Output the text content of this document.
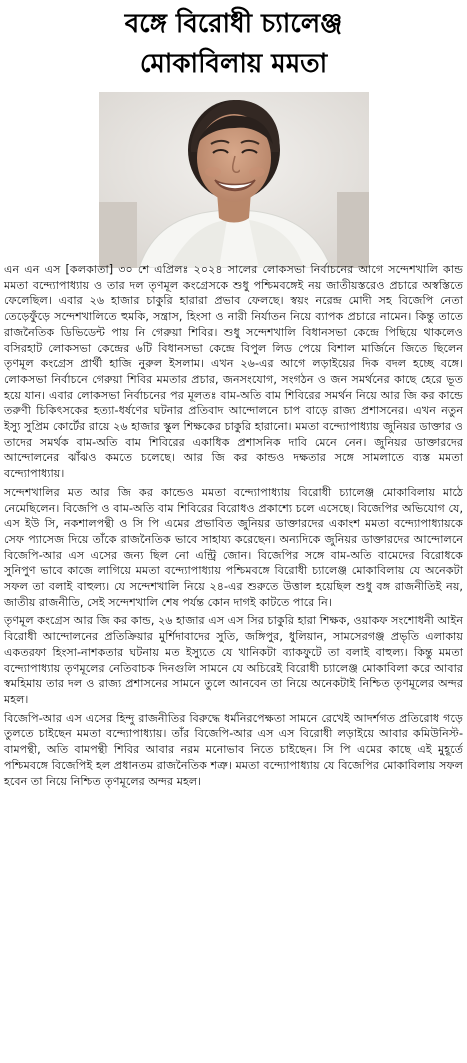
বঙ্গে বিরোধী চ্যালেঞ্জ
মোকাবিলায় মমতা

এন এন এস [কলকাতা] ৩০ শে এপ্রিলঃ ২০২৪ সালের লোকসভা নির্বাচনের আগে সন্দেশখালি কান্ড মমতা বন্দ্যোপাধ্যায় ও তার দল তৃণমূল কংগ্রেসকে শুধু পশ্চিমবঙ্গেই নয় জাতীয়স্তরেও প্রচারে অস্বস্তিতে ফেলেছিল। এবার ২৬ হাজার চাকুরি হারারা প্রভাব ফেলছে। স্বয়ং নরেন্দ্র মোদী সহ বিজেপি নেতা তেড়েফুঁড়ে সন্দেশখালিতে হুমকি, সন্ত্রাস, হিংসা ও নারী নির্যাতন নিয়ে ব্যাপক প্রচারে নামেন। কিন্তু তাতে রাজনৈতিক ডিভিডেন্ট পায় নি গেরুয়া শিবির। শুধু সন্দেশখালি বিধানসভা কেন্দ্রে পিছিয়ে থাকলেও বসিরহাট লোকসভা কেন্দ্রের ৬টি বিধানসভা কেন্দ্রে বিপুল লিড পেয়ে বিশাল মার্জিনে জিতে ছিলেন তৃণমূল কংগ্রেস প্রার্থী হাজি নুরুল ইসলাম। এখন ২৬-এর আগে লড়াইয়ের দিক বদল হচ্ছে বঙ্গে। লোকসভা নির্বাচনে গেরুয়া শিবির মমতার প্রচার, জনসংযোগ, সংগঠন ও জন সমর্থনের কাছে হেরে ভূত হয়ে যান। এবার লোকসভা নির্বাচনের পর মূলতঃ বাম-অতি বাম শিবিরের সমর্থন নিয়ে আর জি কর কান্ডে তরুণী চিকিৎসকের হত্যা-ধর্ষণের ঘটনার প্রতিবাদ আন্দোলনে চাপ বাড়ে রাজ্য প্রশাসনের। এখন নতুন ইস্যু সুপ্রিম কোর্টের রায়ে ২৬ হাজার স্কুল শিক্ষকের চাকুরি হারানো। মমতা বন্দ্যোপাধ্যায় জুনিয়র ডাক্তার ও তাদের সমর্থক বাম-অতি বাম শিবিরের একাধিক প্রশাসনিক দাবি মেনে নেন। জুনিয়র ডাক্তারদের আন্দোলনের ঝাঁঝও কমতে চলেছে। আর জি কর কান্ডও দক্ষতার সঙ্গে সামলাতে ব্যস্ত মমতা বন্দ্যোপাধ্যায়।

সন্দেশখালির মত আর জি কর কান্ডেও মমতা বন্দ্যোপাধ্যায় বিরোধী চ্যালেঞ্জ মোকাবিলায় মাঠে নেমেছিলেন। বিজেপি ও বাম-অতি বাম শিবিরের বিরোধও প্রকাশ্যে চলে এসেছে। বিজেপির অভিযোগ যে, এস ইউ সি, নকশালপন্থী ও সি পি এমের প্রভাবিত জুনিয়র ডাক্তারদের একাংশ মমতা বন্দ্যোপাধ্যায়কে সেফ প্যাসেজ দিয়ে তাঁকে রাজনৈতিক ভাবে সাহায্য করেছেন। অন্যদিকে জুনিয়র ডাক্তারদের আন্দোলনে বিজেপি-আর এস এসের জন্য ছিল নো এন্ট্রি জোন। বিজেপির সঙ্গে বাম-অতি বামেদের বিরোধকে সুনিপুণ ভাবে কাজে লাগিয়ে মমতা বন্দ্যোপাধ্যায় পশ্চিমবঙ্গে বিরোধী চ্যালেঞ্জ মোকাবিলায় যে অনেকটা সফল তা বলাই বাহুল্য। যে সন্দেশখালি নিয়ে ২৪-এর শুরুতে উত্তাল হয়েছিল শুধু বঙ্গ রাজনীতিই নয়, জাতীয় রাজনীতি, সেই সন্দেশখালি শেষ পর্যন্ত কোন দাগই কাটতে পারে নি।

তৃণমূল কংগ্রেস আর জি কর কান্ড, ২৬ হাজার এস এস সির চাকুরি হারা শিক্ষক, ওয়াকফ সংশোধনী আইন বিরোধী আন্দোলনের প্রতিক্রিয়ার মুর্শিদাবাদের সুতি, জঙ্গিপুর, ধুলিয়ান, সামসেরগঞ্জ প্রভৃতি এলাকায় একতরফা হিংসা-নাশকতার ঘটনায় মত ইস্যুতে যে খানিকটা ব্যাকফুটে তা বলাই বাহুল্য। কিন্তু মমতা বন্দ্যোপাধ্যায় তৃণমূলের নেতিবাচক দিনগুলি সামনে যে অচিরেই বিরোধী চ্যালেঞ্জ মোকাবিলা করে আবার স্বমহিমায় তার দল ও রাজ্য প্রশাসনের সামনে তুলে আনবেন তা নিয়ে অনেকটাই নিশ্চিত তৃণমূলের অন্দর মহল।

বিজেপি-আর এস এসের হিন্দু রাজনীতির বিরুদ্ধে ধর্মনিরপেক্ষতা সামনে রেখেই আদর্শগত প্রতিরোধ গড়ে তুলতে চাইছেন মমতা বন্দ্যোপাধ্যায়। তাঁর বিজেপি-আর এস এস বিরোধী লড়াইয়ে আবার কমিউনিস্ট-বামপন্থী, অতি বামপন্থী শিবির আবার নরম মনোভাব নিতে চাইছেন। সি পি এমের কাছে এই মুহূর্তে পশ্চিমবঙ্গে বিজেপিই হল প্রধানতম রাজনৈতিক শত্রু। মমতা বন্দ্যোপাধ্যায় যে বিজেপির মোকাবিলায় সফল হবেন তা নিয়ে নিশ্চিত তৃণমূলের অন্দর মহল।
